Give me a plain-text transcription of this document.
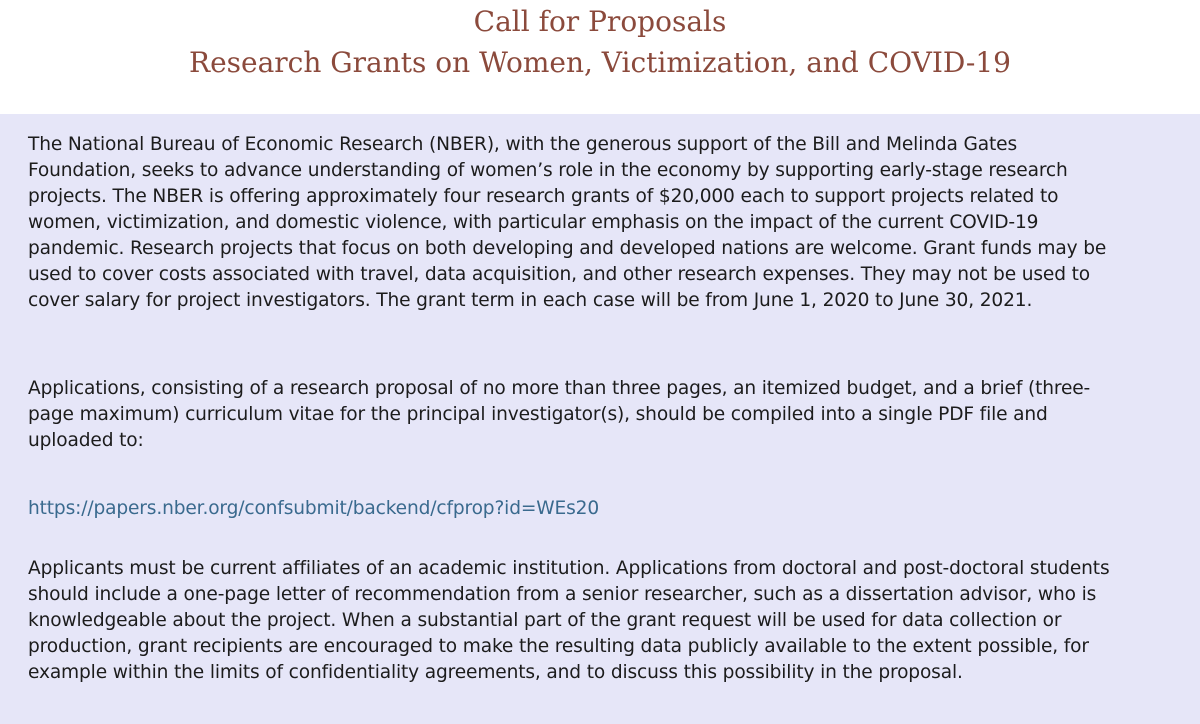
Call for Proposals
Research Grants on Women, Victimization, and COVID-19

The National Bureau of Economic Research (NBER), with the generous support of the Bill and Melinda Gates
Foundation, seeks to advance understanding of women’s role in the economy by supporting early-stage research
projects. The NBER is offering approximately four research grants of $20,000 each to support projects related to
women, victimization, and domestic violence, with particular emphasis on the impact of the current COVID-19
pandemic. Research projects that focus on both developing and developed nations are welcome. Grant funds may be
used to cover costs associated with travel, data acquisition, and other research expenses. They may not be used to
cover salary for project investigators. The grant term in each case will be from June 1, 2020 to June 30, 2021.

Applications, consisting of a research proposal of no more than three pages, an itemized budget, and a brief (three-
page maximum) curriculum vitae for the principal investigator(s), should be compiled into a single PDF file and
uploaded to:

https://papers.nber.org/confsubmit/backend/cfprop?id=WEs20

Applicants must be current affiliates of an academic institution. Applications from doctoral and post-doctoral students
should include a one-page letter of recommendation from a senior researcher, such as a dissertation advisor, who is
knowledgeable about the project. When a substantial part of the grant request will be used for data collection or
production, grant recipients are encouraged to make the resulting data publicly available to the extent possible, for
example within the limits of confidentiality agreements, and to discuss this possibility in the proposal.
